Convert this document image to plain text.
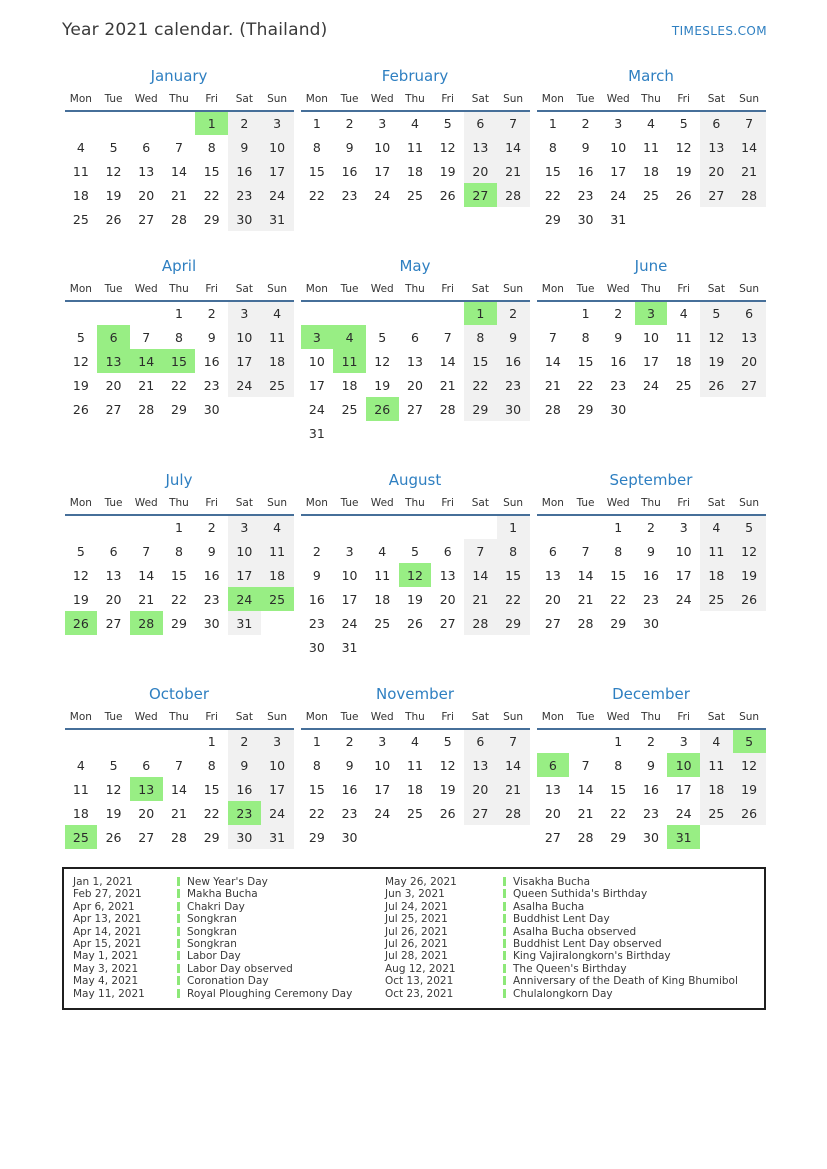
Year 2021 calendar. (Thailand)	TIMESLES.COM
January
Mon	Tue	Wed	Thu	Fri	Sat	Sun
				1	2	3
4	5	6	7	8	9	10
11	12	13	14	15	16	17
18	19	20	21	22	23	24
25	26	27	28	29	30	31
February
Mon	Tue	Wed	Thu	Fri	Sat	Sun
1	2	3	4	5	6	7
8	9	10	11	12	13	14
15	16	17	18	19	20	21
22	23	24	25	26	27	28
March
Mon	Tue	Wed	Thu	Fri	Sat	Sun
1	2	3	4	5	6	7
8	9	10	11	12	13	14
15	16	17	18	19	20	21
22	23	24	25	26	27	28
29	30	31				
April
Mon	Tue	Wed	Thu	Fri	Sat	Sun
			1	2	3	4
5	6	7	8	9	10	11
12	13	14	15	16	17	18
19	20	21	22	23	24	25
26	27	28	29	30		
May
Mon	Tue	Wed	Thu	Fri	Sat	Sun
					1	2
3	4	5	6	7	8	9
10	11	12	13	14	15	16
17	18	19	20	21	22	23
24	25	26	27	28	29	30
31						
June
Mon	Tue	Wed	Thu	Fri	Sat	Sun
	1	2	3	4	5	6
7	8	9	10	11	12	13
14	15	16	17	18	19	20
21	22	23	24	25	26	27
28	29	30				
July
Mon	Tue	Wed	Thu	Fri	Sat	Sun
			1	2	3	4
5	6	7	8	9	10	11
12	13	14	15	16	17	18
19	20	21	22	23	24	25
26	27	28	29	30	31	
August
Mon	Tue	Wed	Thu	Fri	Sat	Sun
						1
2	3	4	5	6	7	8
9	10	11	12	13	14	15
16	17	18	19	20	21	22
23	24	25	26	27	28	29
30	31					
September
Mon	Tue	Wed	Thu	Fri	Sat	Sun
		1	2	3	4	5
6	7	8	9	10	11	12
13	14	15	16	17	18	19
20	21	22	23	24	25	26
27	28	29	30			
October
Mon	Tue	Wed	Thu	Fri	Sat	Sun
				1	2	3
4	5	6	7	8	9	10
11	12	13	14	15	16	17
18	19	20	21	22	23	24
25	26	27	28	29	30	31
November
Mon	Tue	Wed	Thu	Fri	Sat	Sun
1	2	3	4	5	6	7
8	9	10	11	12	13	14
15	16	17	18	19	20	21
22	23	24	25	26	27	28
29	30					
December
Mon	Tue	Wed	Thu	Fri	Sat	Sun
		1	2	3	4	5
6	7	8	9	10	11	12
13	14	15	16	17	18	19
20	21	22	23	24	25	26
27	28	29	30	31		
Jan 1, 2021	New Year's Day	May 26, 2021	Visakha Bucha
Feb 27, 2021	Makha Bucha	Jun 3, 2021	Queen Suthida's Birthday
Apr 6, 2021	Chakri Day	Jul 24, 2021	Asalha Bucha
Apr 13, 2021	Songkran	Jul 25, 2021	Buddhist Lent Day
Apr 14, 2021	Songkran	Jul 26, 2021	Asalha Bucha observed
Apr 15, 2021	Songkran	Jul 26, 2021	Buddhist Lent Day observed
May 1, 2021	Labor Day	Jul 28, 2021	King Vajiralongkorn's Birthday
May 3, 2021	Labor Day observed	Aug 12, 2021	The Queen's Birthday
May 4, 2021	Coronation Day	Oct 13, 2021	Anniversary of the Death of King Bhumibol
May 11, 2021	Royal Ploughing Ceremony Day	Oct 23, 2021	Chulalongkorn Day
